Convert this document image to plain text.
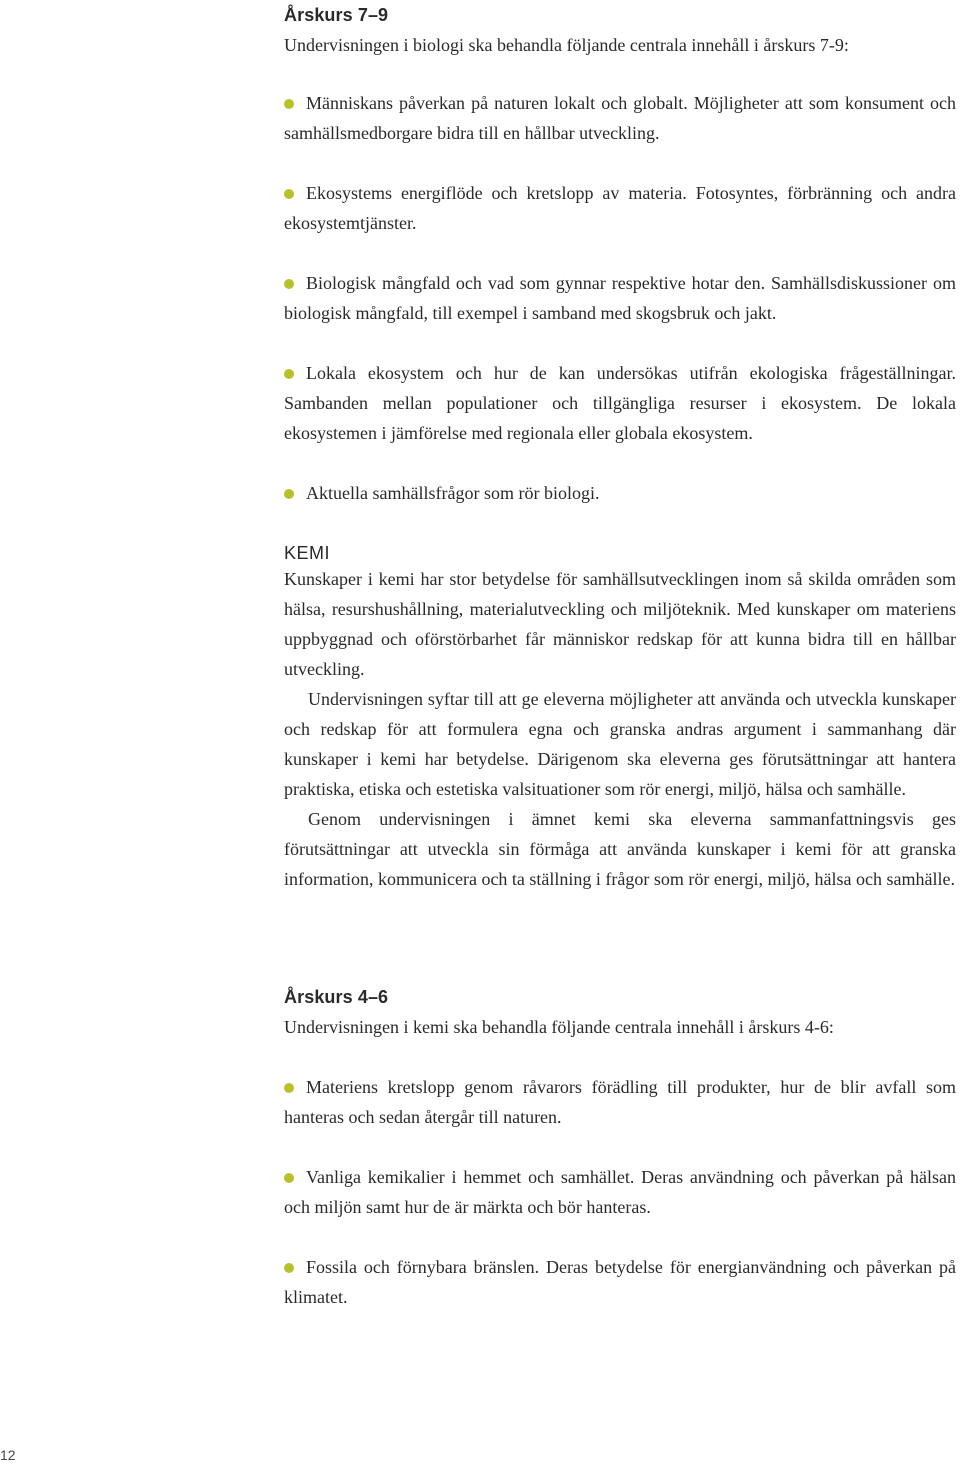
Årskurs 7–9
Undervisningen i biologi ska behandla följande centrala innehåll i årskurs 7-9:
Människans påverkan på naturen lokalt och globalt. Möjligheter att som konsument och samhällsmedborgare bidra till en hållbar utveckling.
Ekosystems energiflöde och kretslopp av materia. Fotosyntes, förbränning och andra ekosystemtjänster.
Biologisk mångfald och vad som gynnar respektive hotar den. Samhällsdiskussioner om biologisk mångfald, till exempel i samband med skogsbruk och jakt.
Lokala ekosystem och hur de kan undersökas utifrån ekologiska frågeställningar. Sambanden mellan populationer och tillgängliga resurser i ekosystem. De lokala ekosystemen i jämförelse med regionala eller globala ekosystem.
Aktuella samhällsfrågor som rör biologi.
KEMI

Kunskaper i kemi har stor betydelse för samhällsutvecklingen inom så skilda områden som hälsa, resurshushållning, materialutveckling och miljöteknik. Med kunskaper om materiens uppbyggnad och oförstörbarhet får människor redskap för att kunna bidra till en hållbar utveckling.

Undervisningen syftar till att ge eleverna möjligheter att använda och utveckla kunskaper och redskap för att formulera egna och granska andras argument i sammanhang där kunskaper i kemi har betydelse. Därigenom ska eleverna ges förutsättningar att hantera praktiska, etiska och estetiska valsituationer som rör energi, miljö, hälsa och samhälle.

Genom undervisningen i ämnet kemi ska eleverna sammanfattningsvis ges förutsättningar att utveckla sin förmåga att använda kunskaper i kemi för att granska information, kommunicera och ta ställning i frågor som rör energi, miljö, hälsa och samhälle.

Årskurs 4–6
Undervisningen i kemi ska behandla följande centrala innehåll i årskurs 4-6:
Materiens kretslopp genom råvarors förädling till produkter, hur de blir avfall som hanteras och sedan återgår till naturen.
Vanliga kemikalier i hemmet och samhället. Deras användning och påverkan på hälsan och miljön samt hur de är märkta och bör hanteras.
Fossila och förnybara bränslen. Deras betydelse för energianvändning och påverkan på klimatet.
12
